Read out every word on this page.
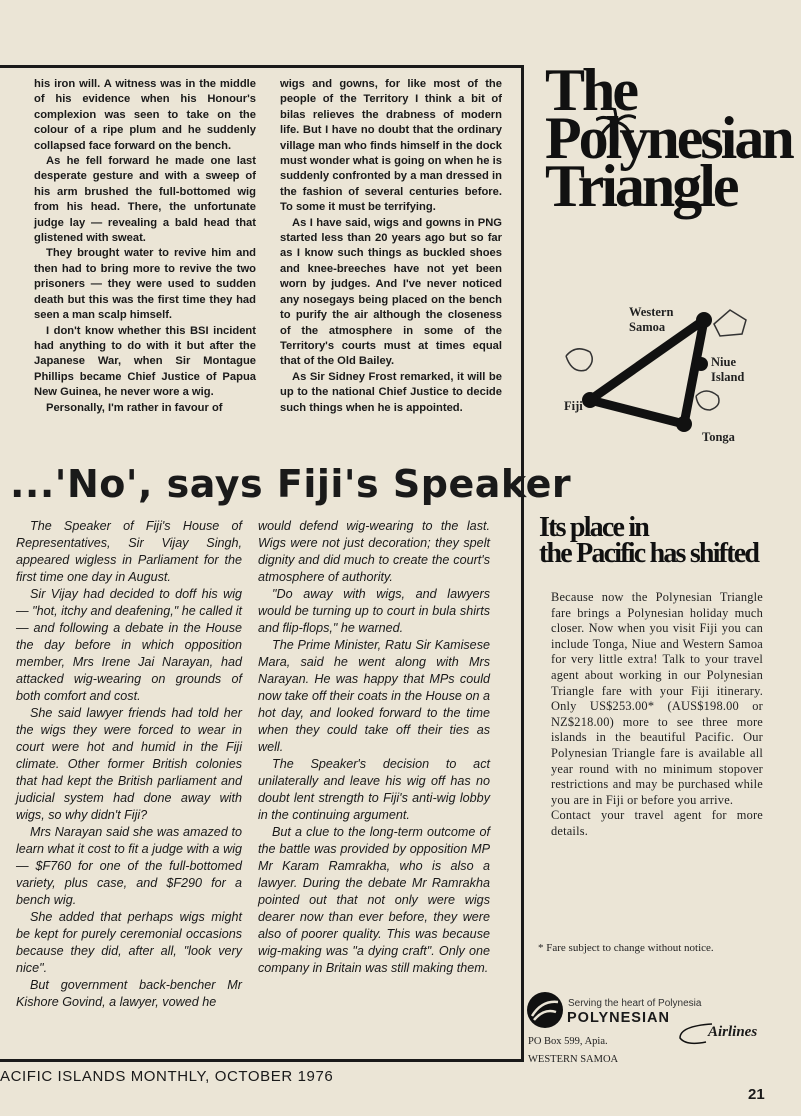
his iron will. A witness was in the middle of his evidence when his Honour's complexion was seen to take on the colour of a ripe plum and he suddenly collapsed face forward on the bench.

As he fell forward he made one last desperate gesture and with a sweep of his arm brushed the full-bottomed wig from his head. There, the unfortunate judge lay — revealing a bald head that glistened with sweat.

They brought water to revive him and then had to bring more to revive the two prisoners — they were used to sudden death but this was the first time they had seen a man scalp himself.

I don't know whether this BSI incident had anything to do with it but after the Japanese War, when Sir Montague Phillips became Chief Justice of Papua New Guinea, he never wore a wig.

Personally, I'm rather in favour of

wigs and gowns, for like most of the people of the Territory I think a bit of bilas relieves the drabness of modern life. But I have no doubt that the ordinary village man who finds himself in the dock must wonder what is going on when he is suddenly confronted by a man dressed in the fashion of several centuries before. To some it must be terrifying.

As I have said, wigs and gowns in PNG started less than 20 years ago but so far as I know such things as buckled shoes and knee-breeches have not yet been worn by judges. And I've never noticed any nosegays being placed on the bench to purify the air although the closeness of the atmosphere in some of the Territory's courts must at times equal that of the Old Bailey.

As Sir Sidney Frost remarked, it will be up to the national Chief Justice to decide such things when he is appointed.

...'No', says Fiji's Speaker

The Speaker of Fiji's House of Representatives, Sir Vijay Singh, appeared wigless in Parliament for the first time one day in August.

Sir Vijay had decided to doff his wig — "hot, itchy and deafening," he called it — and following a debate in the House the day before in which opposition member, Mrs Irene Jai Narayan, had attacked wig-wearing on grounds of both comfort and cost.

She said lawyer friends had told her the wigs they were forced to wear in court were hot and humid in the Fiji climate. Other former British colonies that had kept the British parliament and judicial system had done away with wigs, so why didn't Fiji?

Mrs Narayan said she was amazed to learn what it cost to fit a judge with a wig — $F760 for one of the full-bottomed variety, plus case, and $F290 for a bench wig.

She added that perhaps wigs might be kept for purely ceremonial occasions because they did, after all, "look very nice".

But government back-bencher Mr Kishore Govind, a lawyer, vowed he

would defend wig-wearing to the last. Wigs were not just decoration; they spelt dignity and did much to create the court's atmosphere of authority.

"Do away with wigs, and lawyers would be turning up to court in bula shirts and flip-flops," he warned.

The Prime Minister, Ratu Sir Kamisese Mara, said he went along with Mrs Narayan. He was happy that MPs could now take off their coats in the House on a hot day, and looked forward to the time when they could take off their ties as well.

The Speaker's decision to act unilaterally and leave his wig off has no doubt lent strength to Fiji's anti-wig lobby in the continuing argument.

But a clue to the long-term outcome of the battle was provided by opposition MP Mr Karam Ramrakha, who is also a lawyer. During the debate Mr Ramrakha pointed out that not only were wigs dearer now than ever before, they were also of poorer quality. This was because wig-making was "a dying craft". Only one company in Britain was still making them.

ACIFIC ISLANDS MONTHLY, OCTOBER 1976
21
The
Polynesian
Triangle
Western
Samoa
Niue
Island
Fiji
Tonga
Its place in
the Pacific has shifted

Because now the Polynesian Triangle fare brings a Polynesian holiday much closer. Now when you visit Fiji you can include Tonga, Niue and Western Samoa for very little extra! Talk to your travel agent about working in our Polynesian Triangle fare with your Fiji itinerary. Only US$253.00* (AUS$198.00 or NZ$218.00) more to see three more islands in the beautiful Pacific. Our Polynesian Triangle fare is available all year round with no minimum stopover restrictions and may be purchased while you are in Fiji or before you arrive.

Contact your travel agent for more details.

* Fare subject to change without notice.
Serving the heart of Polynesia
POLYNESIAN
Airlines
PO Box 599, Apia.
WESTERN SAMOA
